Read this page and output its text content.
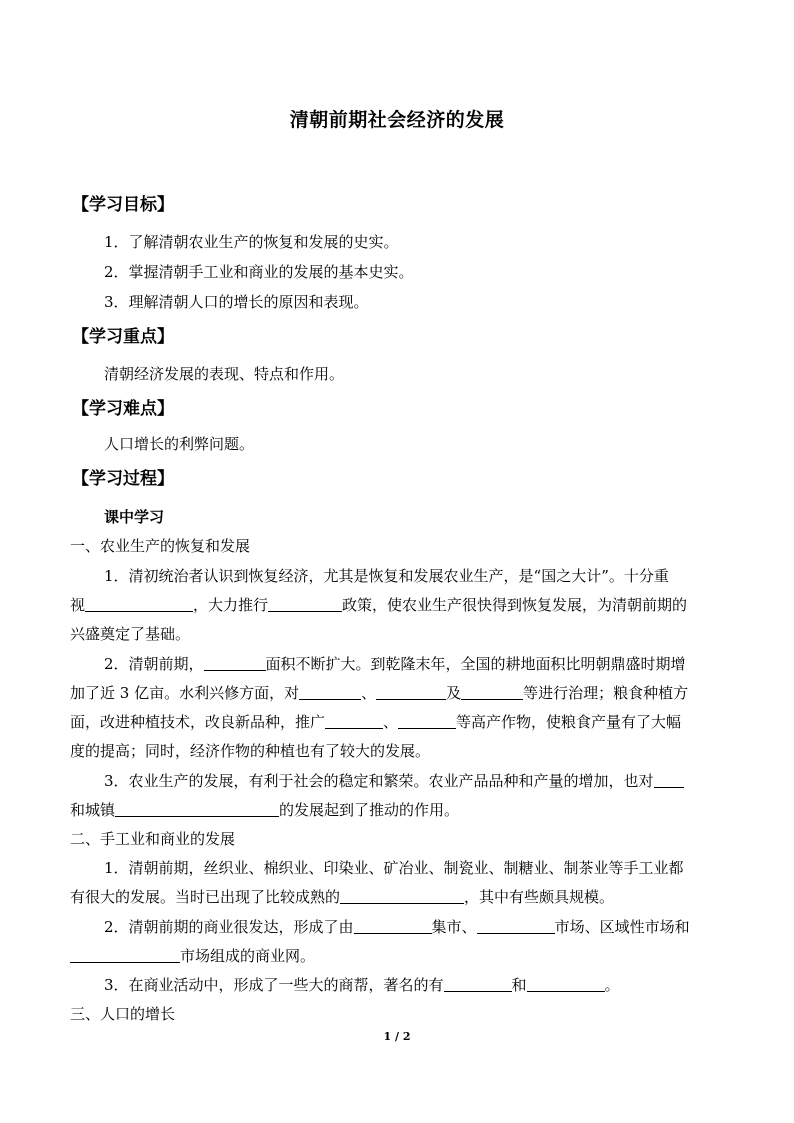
清朝前期社会经济的发展
【学习目标】
1．了解清朝农业生产的恢复和发展的史实。
2．掌握清朝手工业和商业的发展的基本史实。
3．理解清朝人口的增长的原因和表现。
【学习重点】
清朝经济发展的表现、特点和作用。
【学习难点】
人口增长的利弊问题。
【学习过程】
课中学习
一、农业生产的恢复和发展
1．清初统治者认识到恢复经济，尤其是恢复和发展农业生产，是“国之大计”。十分重
视	，大力推行	政策，使农业生产很快得到恢复发展，为清朝前期的
兴盛奠定了基础。
2．清朝前期，	面积不断扩大。到乾隆末年，全国的耕地面积比明朝鼎盛时期增
加了近 3 亿亩。水利兴修方面，对	、	及	等进行治理；粮食种植方
面，改进种植技术，改良新品种，推广	、	等高产作物，使粮食产量有了大幅
度的提高；同时，经济作物的种植也有了较大的发展。
3．农业生产的发展，有利于社会的稳定和繁荣。农业产品品种和产量的增加，也对
和城镇	的发展起到了推动的作用。
二、手工业和商业的发展
1．清朝前期，丝织业、棉织业、印染业、矿冶业、制瓷业、制糖业、制茶业等手工业都
有很大的发展。当时已出现了比较成熟的	，其中有些颇具规模。
2．清朝前期的商业很发达，形成了由	集市、	市场、区域性市场和
市场组成的商业网。
3．在商业活动中，形成了一些大的商帮，著名的有	和	。
三、人口的增长
1 / 2
